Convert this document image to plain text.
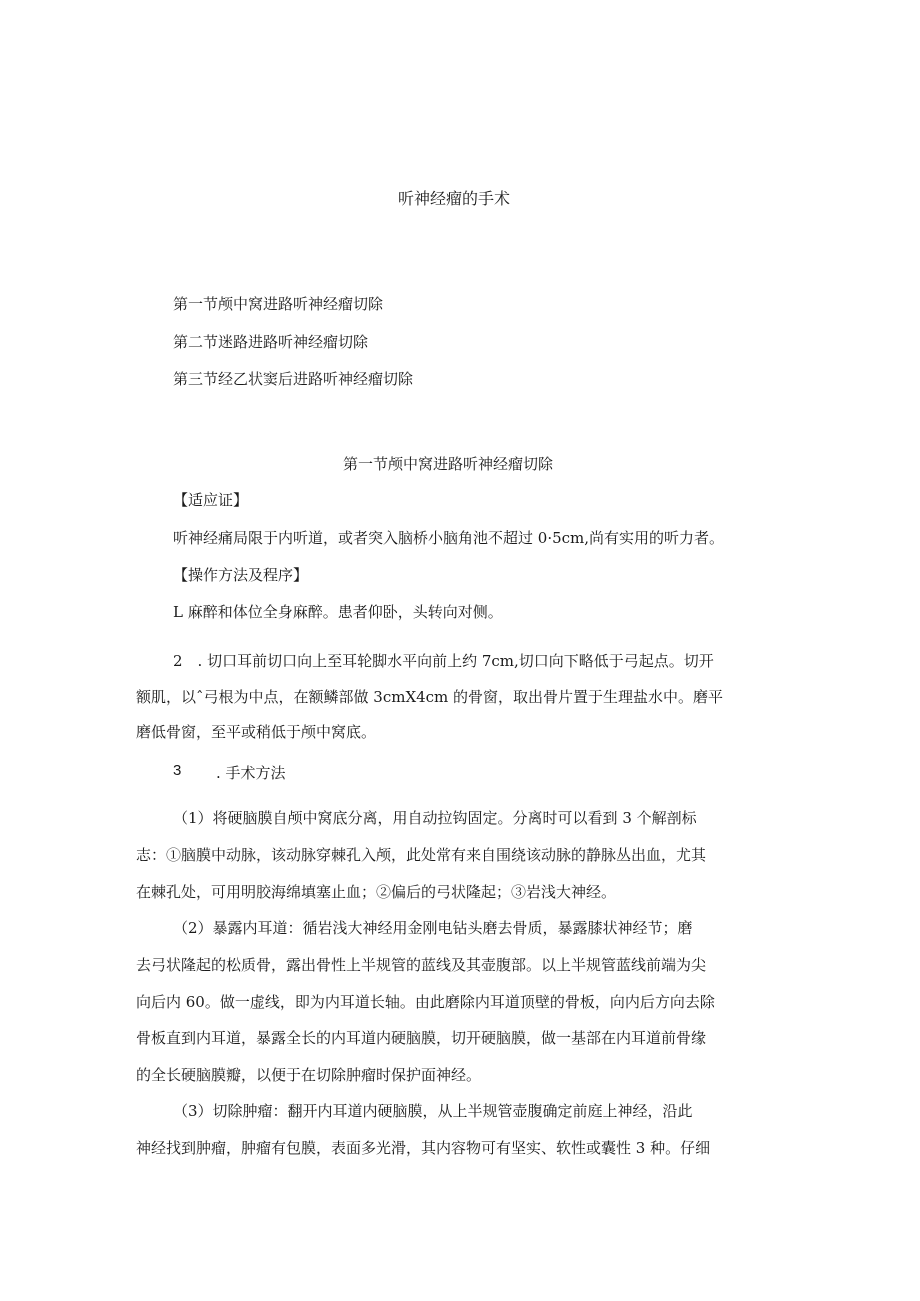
听神经瘤的手术
第一节颅中窝进路听神经瘤切除
第二节迷路进路听神经瘤切除
第三节经乙状窦后进路听神经瘤切除
第一节颅中窝进路听神经瘤切除
【适应证】
听神经痛局限于内听道，或者突入脑桥小脑角池不超过 0·5cm,尚有实用的听力者。
【操作方法及程序】
L 麻醉和体位全身麻醉。患者仰卧，头转向对侧。
2　. 切口耳前切口向上至耳轮脚水平向前上约 7cm,切口向下略低于弓起点。切开
额肌，以ˆ弓根为中点，在额鳞部做 3cmX4cm 的骨窗，取出骨片置于生理盐水中。磨平
磨低骨窗，至平或稍低于颅中窝底。
3 . 手术方法
（1）将硬脑膜自颅中窝底分离，用自动拉钩固定。分离时可以看到 3 个解剖标
志：①脑膜中动脉，该动脉穿棘孔入颅，此处常有来自围绕该动脉的静脉丛出血，尤其
在棘孔处，可用明胶海绵填塞止血；②偏后的弓状隆起；③岩浅大神经。
（2）暴露内耳道：循岩浅大神经用金刚电钻头磨去骨质，暴露膝状神经节；磨
去弓状隆起的松质骨，露出骨性上半规管的蓝线及其壶腹部。以上半规管蓝线前端为尖
向后内 60。做一虚线，即为内耳道长轴。由此磨除内耳道顶壁的骨板，向内后方向去除
骨板直到内耳道，暴露全长的内耳道内硬脑膜，切开硬脑膜，做一基部在内耳道前骨缘
的全长硬脑膜瓣，以便于在切除肿瘤时保护面神经。
（3）切除肿瘤：翻开内耳道内硬脑膜，从上半规管壶腹确定前庭上神经，沿此
神经找到肿瘤，肿瘤有包膜，表面多光滑，其内容物可有坚实、软性或囊性 3 种。仔细
